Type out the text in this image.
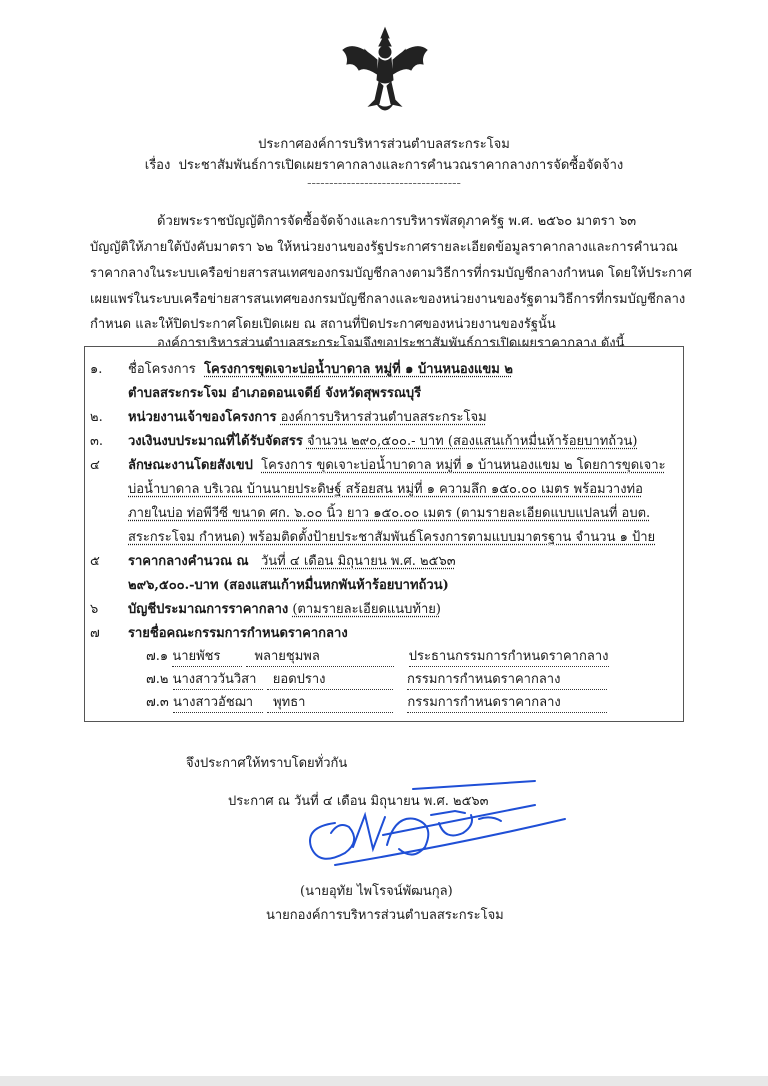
ประกาศองค์การบริหารส่วนตำบลสระกระโจม
เรื่อง ประชาสัมพันธ์การเปิดเผยราคากลางและการคำนวณราคากลางการจัดซื้อจัดจ้าง
-----------------------------------
ด้วยพระราชบัญญัติการจัดซื้อจัดจ้างและการบริหารพัสดุภาครัฐ พ.ศ. ๒๕๖๐ มาตรา ๖๓
บัญญัติให้ภายใต้บังคับมาตรา ๖๒ ให้หน่วยงานของรัฐประกาศรายละเอียดข้อมูลราคากลางและการคำนวณ
ราคากลางในระบบเครือข่ายสารสนเทศของกรมบัญชีกลางตามวิธีการที่กรมบัญชีกลางกำหนด โดยให้ประกาศ
เผยแพร่ในระบบเครือข่ายสารสนเทศของกรมบัญชีกลางและของหน่วยงานของรัฐตามวิธีการที่กรมบัญชีกลาง
กำหนด และให้ปิดประกาศโดยเปิดเผย ณ สถานที่ปิดประกาศของหน่วยงานของรัฐนั้น
องค์การบริหารส่วนตำบลสระกระโจมจึงขอประชาสัมพันธ์การเปิดเผยราคากลาง ดังนี้
๑. ชื่อโครงการ โครงการขุดเจาะบ่อน้ำบาดาล หมู่ที่ ๑ บ้านหนองแขม ๒
ตำบลสระกระโจม อำเภอดอนเจดีย์ จังหวัดสุพรรณบุรี
๒. หน่วยงานเจ้าของโครงการ องค์การบริหารส่วนตำบลสระกระโจม
๓. วงเงินงบประมาณที่ได้รับจัดสรร จำนวน ๒๙๐,๕๐๐.- บาท (สองแสนเก้าหมื่นห้าร้อยบาทถ้วน)
๔ ลักษณะงานโดยสังเขป โครงการ ขุดเจาะบ่อน้ำบาดาล หมู่ที่ ๑ บ้านหนองแขม ๒ โดยการขุดเจาะ
บ่อน้ำบาดาล บริเวณ บ้านนายประดิษฐ์ สร้อยสน หมู่ที่ ๑ ความลึก ๑๕๐.๐๐ เมตร พร้อมวางท่อ
ภายในบ่อ ท่อพีวีซี ขนาด ศก. ๖.๐๐ นิ้ว ยาว ๑๕๐.๐๐ เมตร (ตามรายละเอียดแบบแปลนที่ อบต.
สระกระโจม กำหนด) พร้อมติดตั้งป้ายประชาสัมพันธ์โครงการตามแบบมาตรฐาน จำนวน ๑ ป้าย
๕ ราคากลางคำนวณ ณ วันที่ ๔ เดือน มิถุนายน พ.ศ. ๒๕๖๓
๒๙๖,๕๐๐.-บาท (สองแสนเก้าหมื่นหกพันห้าร้อยบาทถ้วน)
๖ บัญชีประมาณการราคากลาง (ตามรายละเอียดแนบท้าย)
๗ รายชื่อคณะกรรมการกำหนดราคากลาง
๗.๑ นายพัชร	พลายชุมพล	ประธานกรรมการกำหนดราคากลาง
๗.๒ นางสาววันวิสา ยอดปราง	กรรมการกำหนดราคากลาง
๗.๓ นางสาวอัชฌา พุทธา	กรรมการกำหนดราคากลาง
จึงประกาศให้ทราบโดยทั่วกัน
ประกาศ ณ วันที่ ๔ เดือน มิถุนายน พ.ศ. ๒๕๖๓
(นายอุทัย ไพโรจน์พัฒนกุล)
นายกองค์การบริหารส่วนตำบลสระกระโจม
